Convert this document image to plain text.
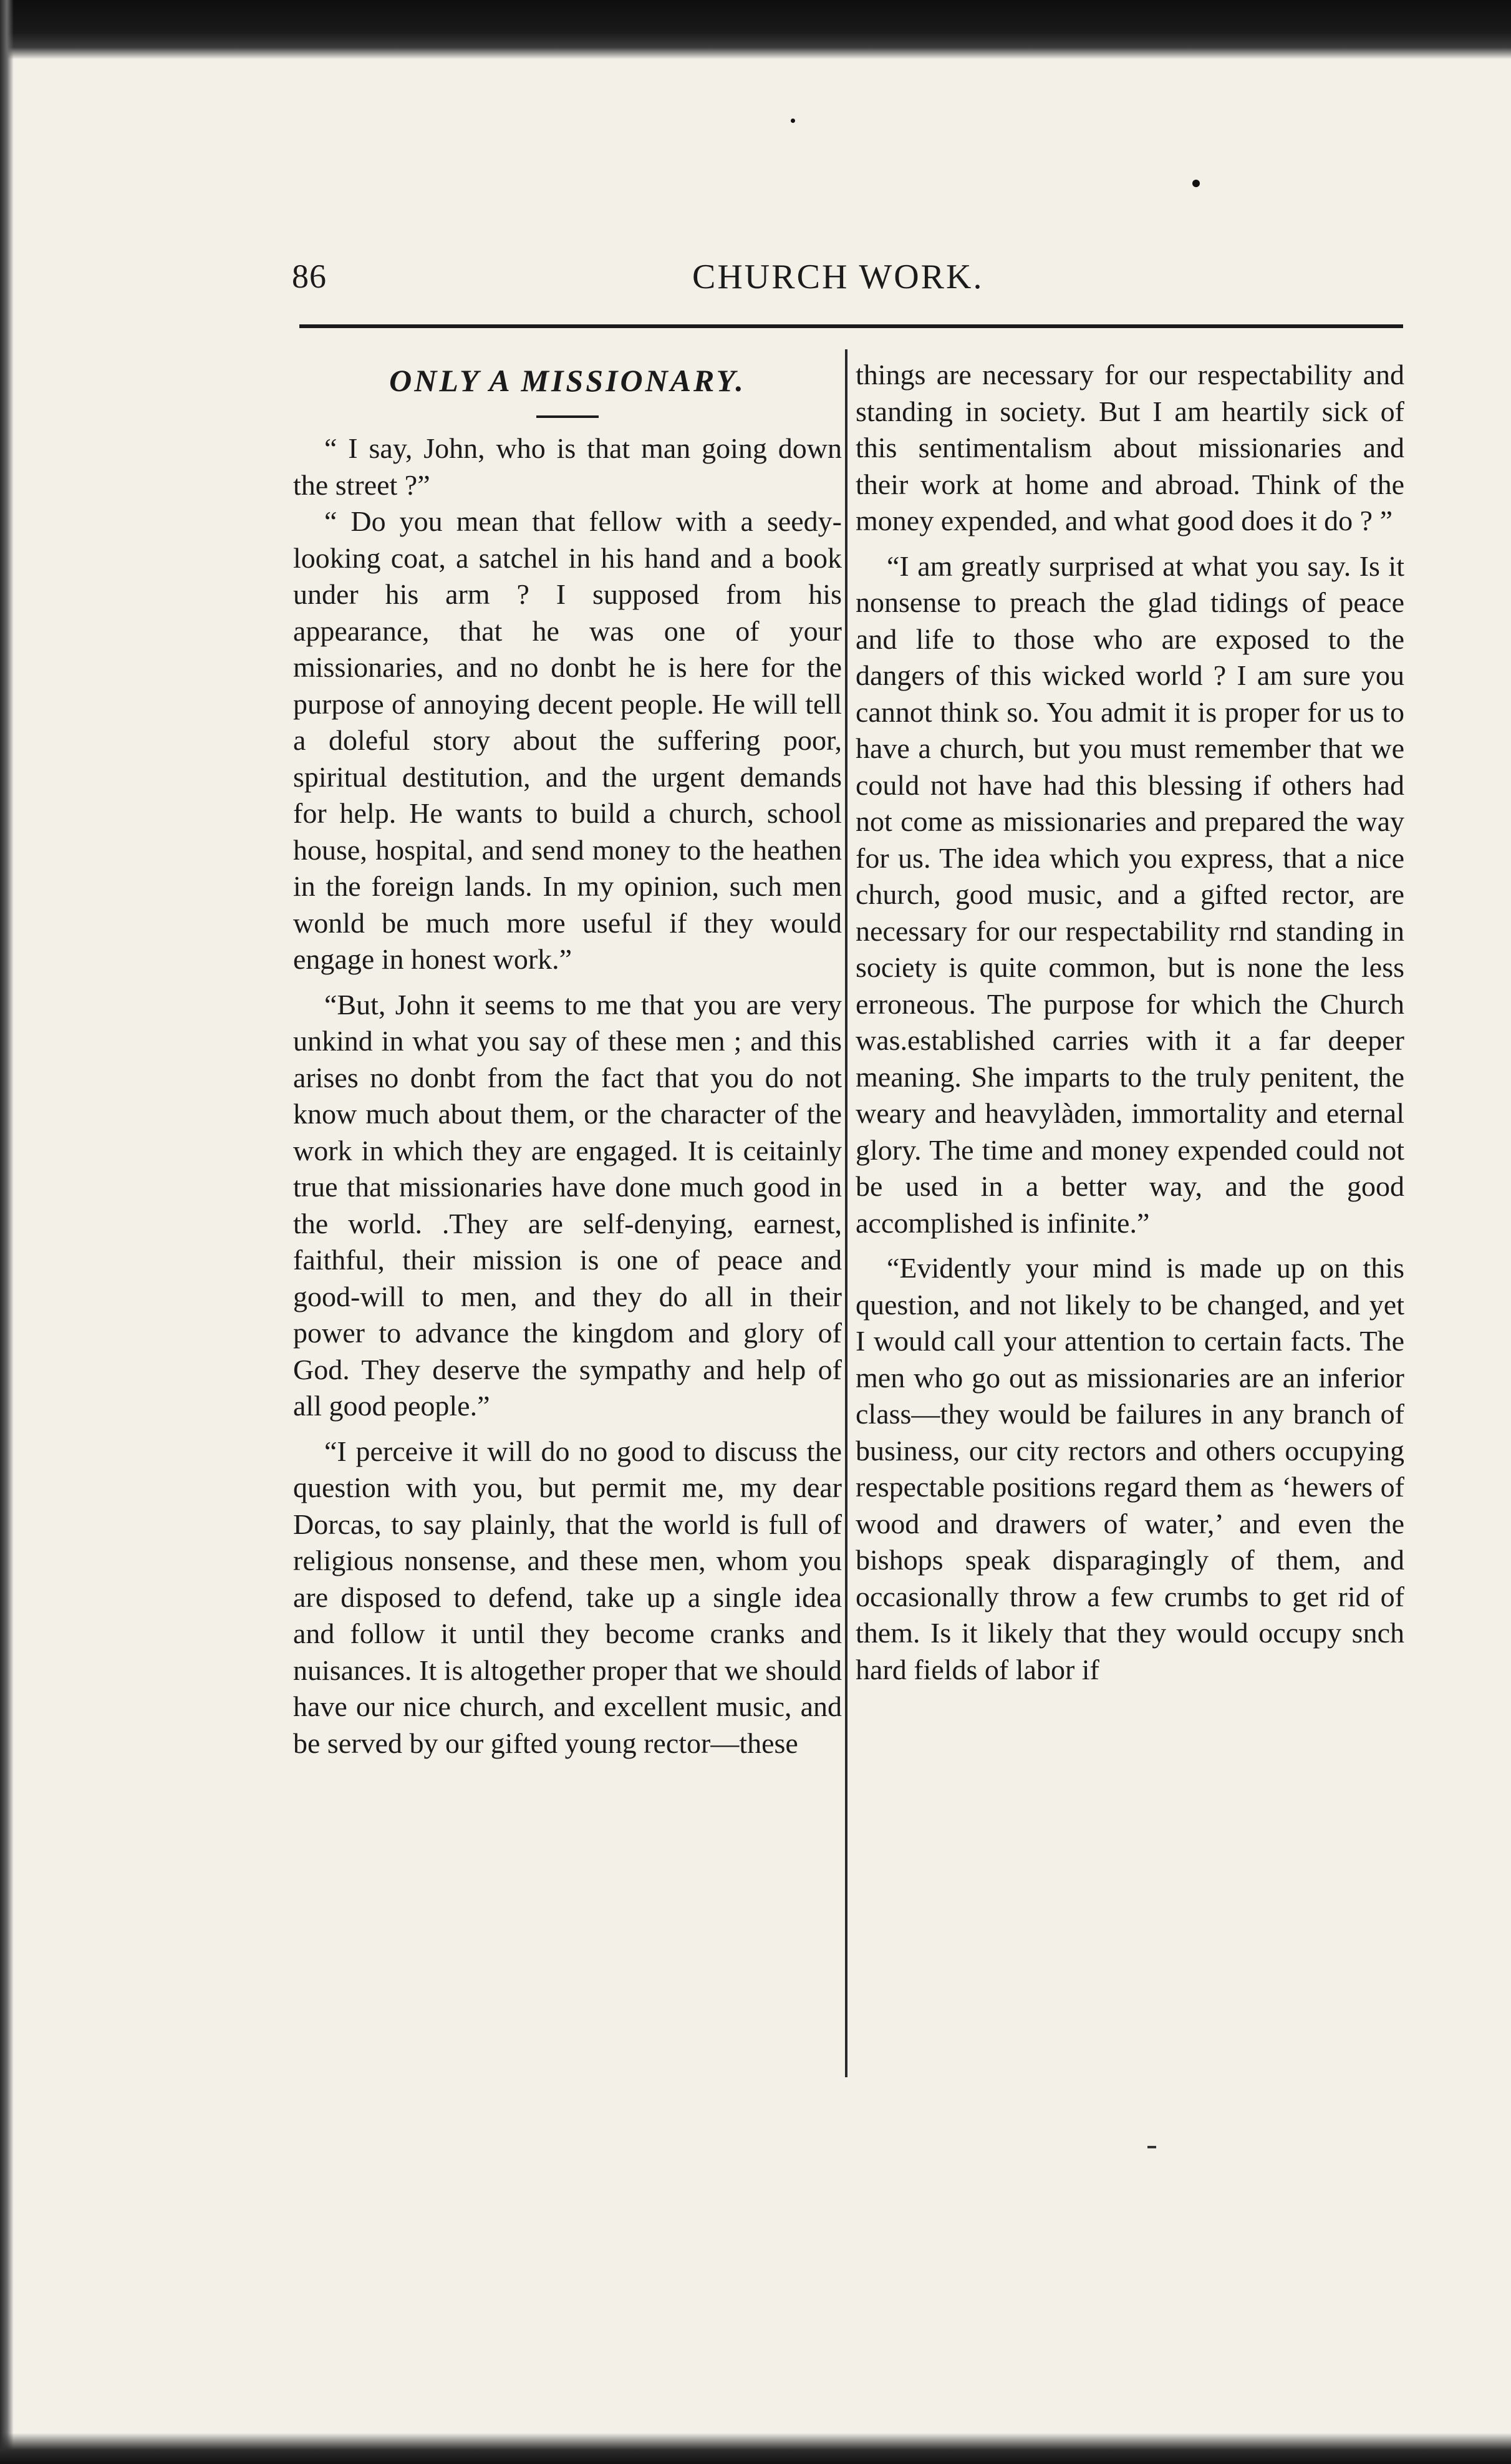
86	CHURCH WORK.
ONLY A MISSIONARY.

“ I say, John, who is that man going down the street ?”

“ Do you mean that fellow with a seedy-looking coat, a satchel in his hand and a book under his arm ? I supposed from his appearance, that he was one of your missionaries, and no donbt he is here for the purpose of annoying decent people. He will tell a doleful story about the suffering poor, spiritual destitution, and the urgent demands for help. He wants to build a church, school house, hospital, and send money to the heathen in the foreign lands. In my opinion, such men wonld be much more useful if they would engage in honest work.”

“But, John it seems to me that you are very unkind in what you say of these men ; and this arises no donbt from the fact that you do not know much about them, or the character of the work in which they are engaged. It is ceitainly true that missionaries have done much good in the world. .They are self-denying, earnest, faithful, their mission is one of peace and good-will to men, and they do all in their power to advance the kingdom and glory of God. They deserve the sympathy and help of all good people.”

“I perceive it will do no good to discuss the question with you, but permit me, my dear Dorcas, to say plainly, that the world is full of religious nonsense, and these men, whom you are disposed to defend, take up a single idea and follow it until they become cranks and nuisances. It is altogether proper that we should have our nice church, and excellent music, and be served by our gifted young rector—these

things are necessary for our respectability and standing in society. But I am heartily sick of this sentimentalism about missionaries and their work at home and abroad. Think of the money expended, and what good does it do ? ”

“I am greatly surprised at what you say. Is it nonsense to preach the glad tidings of peace and life to those who are exposed to the dangers of this wicked world ? I am sure you cannot think so. You admit it is proper for us to have a church, but you must remember that we could not have had this blessing if others had not come as missionaries and prepared the way for us. The idea which you express, that a nice church, good music, and a gifted rector, are necessary for our respectability rnd standing in society is quite common, but is none the less erroneous. The purpose for which the Church was.established carries with it a far deeper meaning. She imparts to the truly penitent, the weary and heavylàden, immortality and eternal glory. The time and money expended could not be used in a better way, and the good accomplished is infinite.”

“Evidently your mind is made up on this question, and not likely to be changed, and yet I would call your attention to certain facts. The men who go out as missionaries are an inferior class—they would be failures in any branch of business, our city rectors and others occupying respectable positions regard them as ‘hewers of wood and drawers of water,’ and even the bishops speak disparagingly of them, and occasionally throw a few crumbs to get rid of them. Is it likely that they would occupy snch hard fields of labor if
